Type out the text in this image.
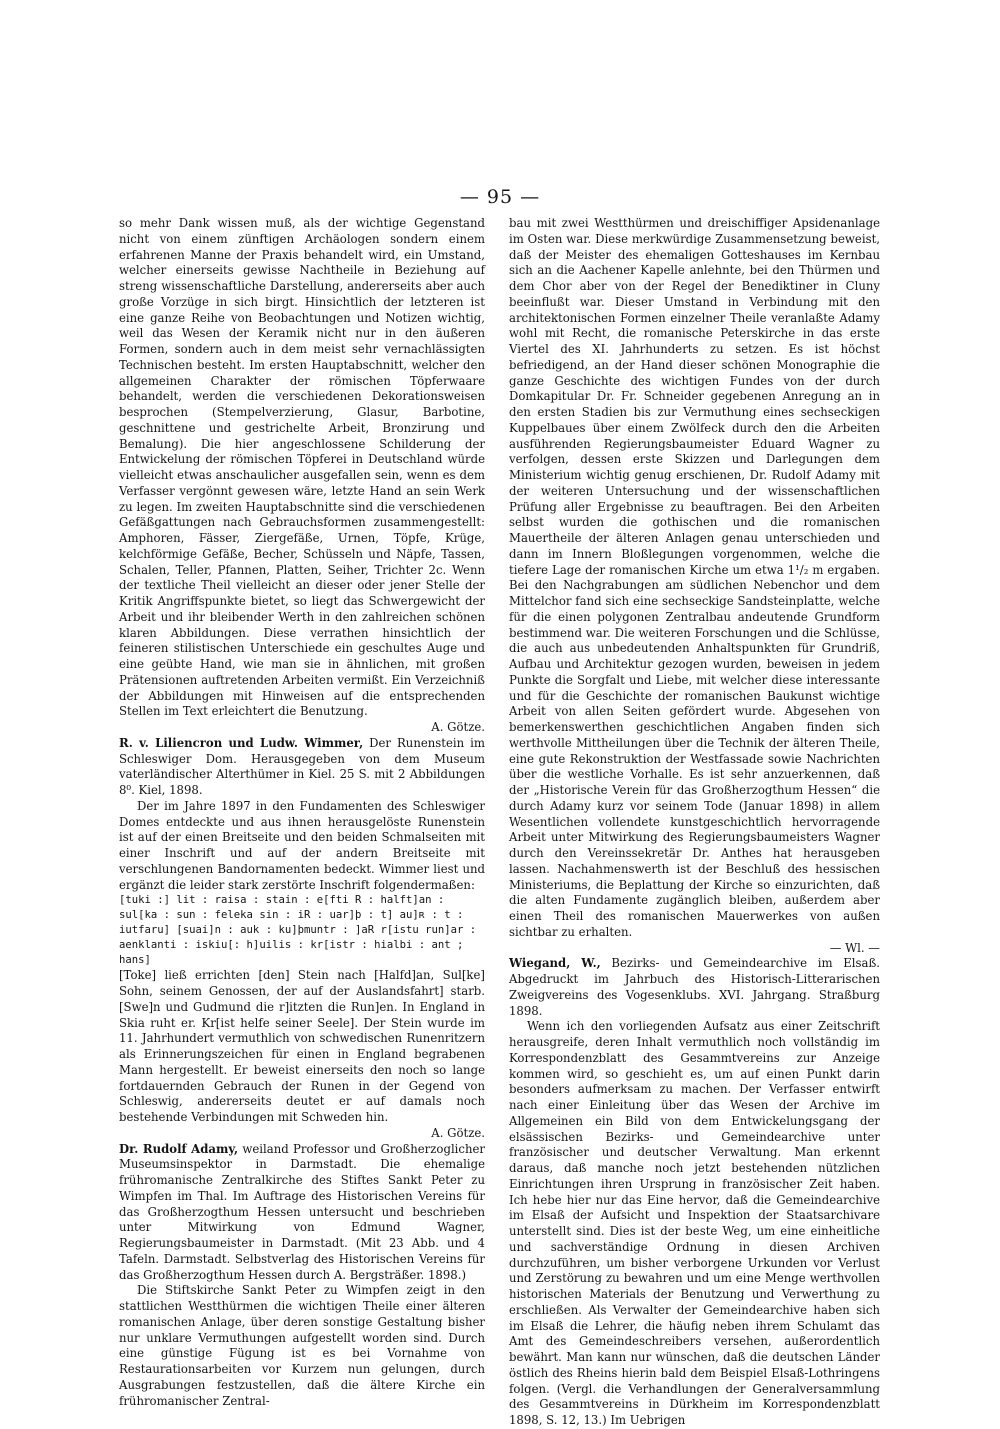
— 95 —

so mehr Dank wissen muß, als der wichtige Gegenstand nicht von einem zünftigen Archäologen sondern einem erfahrenen Manne der Praxis behandelt wird, ein Umstand, welcher einerseits gewisse Nachtheile in Beziehung auf streng wissenschaftliche Darstellung, andererseits aber auch große Vorzüge in sich birgt. Hinsichtlich der letzteren ist eine ganze Reihe von Beobachtungen und Notizen wichtig, weil das Wesen der Keramik nicht nur in den äußeren Formen, sondern auch in dem meist sehr vernachlässigten Technischen besteht. Im ersten Hauptabschnitt, welcher den allgemeinen Charakter der römischen Töpferwaare behandelt, werden die verschiedenen Dekorationsweisen besprochen (Stempelverzierung, Glasur, Barbotine, geschnittene und gestrichelte Arbeit, Bronzirung und Bemalung). Die hier angeschlossene Schilderung der Entwickelung der römischen Töpferei in Deutschland würde vielleicht etwas anschaulicher ausgefallen sein, wenn es dem Verfasser vergönnt gewesen wäre, letzte Hand an sein Werk zu legen. Im zweiten Hauptabschnitte sind die verschiedenen Gefäßgattungen nach Gebrauchsformen zusammengestellt: Amphoren, Fässer, Ziergefäße, Urnen, Töpfe, Krüge, kelchförmige Gefäße, Becher, Schüsseln und Näpfe, Tassen, Schalen, Teller, Pfannen, Platten, Seiher, Trichter 2c. Wenn der textliche Theil vielleicht an dieser oder jener Stelle der Kritik Angriffspunkte bietet, so liegt das Schwergewicht der Arbeit und ihr bleibender Werth in den zahlreichen schönen klaren Abbildungen. Diese verrathen hinsichtlich der feineren stilistischen Unterschiede ein geschultes Auge und eine geübte Hand, wie man sie in ähnlichen, mit großen Prätensionen auftretenden Arbeiten vermißt. Ein Verzeichniß der Abbildungen mit Hinweisen auf die entsprechenden Stellen im Text erleichtert die Benutzung.

A. Götze.

R. v. Liliencron und Ludw. Wimmer, Der Runenstein im Schleswiger Dom. Herausgegeben von dem Museum vaterländischer Alterthümer in Kiel. 25 S. mit 2 Abbildungen 8⁰. Kiel, 1898.

Der im Jahre 1897 in den Fundamenten des Schleswiger Domes entdeckte und aus ihnen herausgelöste Runenstein ist auf der einen Breitseite und den beiden Schmalseiten mit einer Inschrift und auf der andern Breitseite mit verschlungenen Bandornamenten bedeckt. Wimmer liest und ergänzt die leider stark zerstörte Inschrift folgendermaßen:

[tuki :] lit : raisa : stain : e[fti R : halft]an : sul[ka : sun : feleka sin : iR : uar]þ : t] au]ʀ : t : iutfaru] [suai]n : auk : ku]þmuntr : ]aR r[istu run]ar : aenklanti : iskiu[: h]uilis : kr[istr : hialbi : ant ; hans]

[Toke] ließ errichten [den] Stein nach [Halfd]an, Sul[ke] Sohn, seinem Genossen, der auf der Auslandsfahrt] starb. [Swe]n und Gudmund die r]itzten die Run]en. In England in Skia ruht er. Kr[ist helfe seiner Seele]. Der Stein wurde im 11. Jahrhundert vermuthlich von schwedischen Runenritzern als Erinnerungszeichen für einen in England begrabenen Mann hergestellt. Er beweist einerseits den noch so lange fortdauernden Gebrauch der Runen in der Gegend von Schleswig, andererseits deutet er auf damals noch bestehende Verbindungen mit Schweden hin.

A. Götze.

Dr. Rudolf Adamy, weiland Professor und Großherzoglicher Museumsinspektor in Darmstadt. Die ehemalige frühromanische Zentralkirche des Stiftes Sankt Peter zu Wimpfen im Thal. Im Auftrage des Historischen Vereins für das Großherzogthum Hessen untersucht und beschrieben unter Mitwirkung von Edmund Wagner, Regierungsbaumeister in Darmstadt. (Mit 23 Abb. und 4 Tafeln. Darmstadt. Selbstverlag des Historischen Vereins für das Großherzogthum Hessen durch A. Bergsträßer. 1898.)

Die Stiftskirche Sankt Peter zu Wimpfen zeigt in den stattlichen Westthürmen die wichtigen Theile einer älteren romanischen Anlage, über deren sonstige Gestaltung bisher nur unklare Vermuthungen aufgestellt worden sind. Durch eine günstige Fügung ist es bei Vornahme von Restaurationsarbeiten vor Kurzem nun gelungen, durch Ausgrabungen festzustellen, daß die ältere Kirche ein frühromanischer Zentral-

bau mit zwei Westthürmen und dreischiffiger Apsidenanlage im Osten war. Diese merkwürdige Zusammensetzung beweist, daß der Meister des ehemaligen Gotteshauses im Kernbau sich an die Aachener Kapelle anlehnte, bei den Thürmen und dem Chor aber von der Regel der Benediktiner in Cluny beeinflußt war. Dieser Umstand in Verbindung mit den architektonischen Formen einzelner Theile veranlaßte Adamy wohl mit Recht, die romanische Peterskirche in das erste Viertel des XI. Jahrhunderts zu setzen. Es ist höchst befriedigend, an der Hand dieser schönen Monographie die ganze Geschichte des wichtigen Fundes von der durch Domkapitular Dr. Fr. Schneider gegebenen Anregung an in den ersten Stadien bis zur Vermuthung eines sechseckigen Kuppelbaues über einem Zwölfeck durch den die Arbeiten ausführenden Regierungsbaumeister Eduard Wagner zu verfolgen, dessen erste Skizzen und Darlegungen dem Ministerium wichtig genug erschienen, Dr. Rudolf Adamy mit der weiteren Untersuchung und der wissenschaftlichen Prüfung aller Ergebnisse zu beauftragen. Bei den Arbeiten selbst wurden die gothischen und die romanischen Mauertheile der älteren Anlagen genau unterschieden und dann im Innern Bloßlegungen vorgenommen, welche die tiefere Lage der romanischen Kirche um etwa 1¹/₂ m ergaben. Bei den Nachgrabungen am südlichen Nebenchor und dem Mittelchor fand sich eine sechseckige Sandsteinplatte, welche für die einen polygonen Zentralbau andeutende Grundform bestimmend war. Die weiteren Forschungen und die Schlüsse, die auch aus unbedeutenden Anhaltspunkten für Grundriß, Aufbau und Architektur gezogen wurden, beweisen in jedem Punkte die Sorgfalt und Liebe, mit welcher diese interessante und für die Geschichte der romanischen Baukunst wichtige Arbeit von allen Seiten gefördert wurde. Abgesehen von bemerkenswerthen geschichtlichen Angaben finden sich werthvolle Mittheilungen über die Technik der älteren Theile, eine gute Rekonstruktion der Westfassade sowie Nachrichten über die westliche Vorhalle. Es ist sehr anzuerkennen, daß der „Historische Verein für das Großherzogthum Hessen“ die durch Adamy kurz vor seinem Tode (Januar 1898) in allem Wesentlichen vollendete kunstgeschichtlich hervorragende Arbeit unter Mitwirkung des Regierungsbaumeisters Wagner durch den Vereinssekretär Dr. Anthes hat herausgeben lassen. Nachahmenswerth ist der Beschluß des hessischen Ministeriums, die Beplattung der Kirche so einzurichten, daß die alten Fundamente zugänglich bleiben, außerdem aber einen Theil des romanischen Mauerwerkes von außen sichtbar zu erhalten.

— Wl. —

Wiegand, W., Bezirks- und Gemeindearchive im Elsaß. Abgedruckt im Jahrbuch des Historisch-Litterarischen Zweigvereins des Vogesenklubs. XVI. Jahrgang. Straßburg 1898.

Wenn ich den vorliegenden Aufsatz aus einer Zeitschrift herausgreife, deren Inhalt vermuthlich noch vollständig im Korrespondenzblatt des Gesammtvereins zur Anzeige kommen wird, so geschieht es, um auf einen Punkt darin besonders aufmerksam zu machen. Der Verfasser entwirft nach einer Einleitung über das Wesen der Archive im Allgemeinen ein Bild von dem Entwickelungsgang der elsässischen Bezirks- und Gemeindearchive unter französischer und deutscher Verwaltung. Man erkennt daraus, daß manche noch jetzt bestehenden nützlichen Einrichtungen ihren Ursprung in französischer Zeit haben. Ich hebe hier nur das Eine hervor, daß die Gemeindearchive im Elsaß der Aufsicht und Inspektion der Staatsarchivare unterstellt sind. Dies ist der beste Weg, um eine einheitliche und sachverständige Ordnung in diesen Archiven durchzuführen, um bisher verborgene Urkunden vor Verlust und Zerstörung zu bewahren und um eine Menge werthvollen historischen Materials der Benutzung und Verwerthung zu erschließen. Als Verwalter der Gemeindearchive haben sich im Elsaß die Lehrer, die häufig neben ihrem Schulamt das Amt des Gemeindeschreibers versehen, außerordentlich bewährt. Man kann nur wünschen, daß die deutschen Länder östlich des Rheins hierin bald dem Beispiel Elsaß-Lothringens folgen. (Vergl. die Verhandlungen der Generalversammlung des Gesammtvereins in Dürkheim im Korrespondenzblatt 1898, S. 12, 13.) Im Uebrigen
